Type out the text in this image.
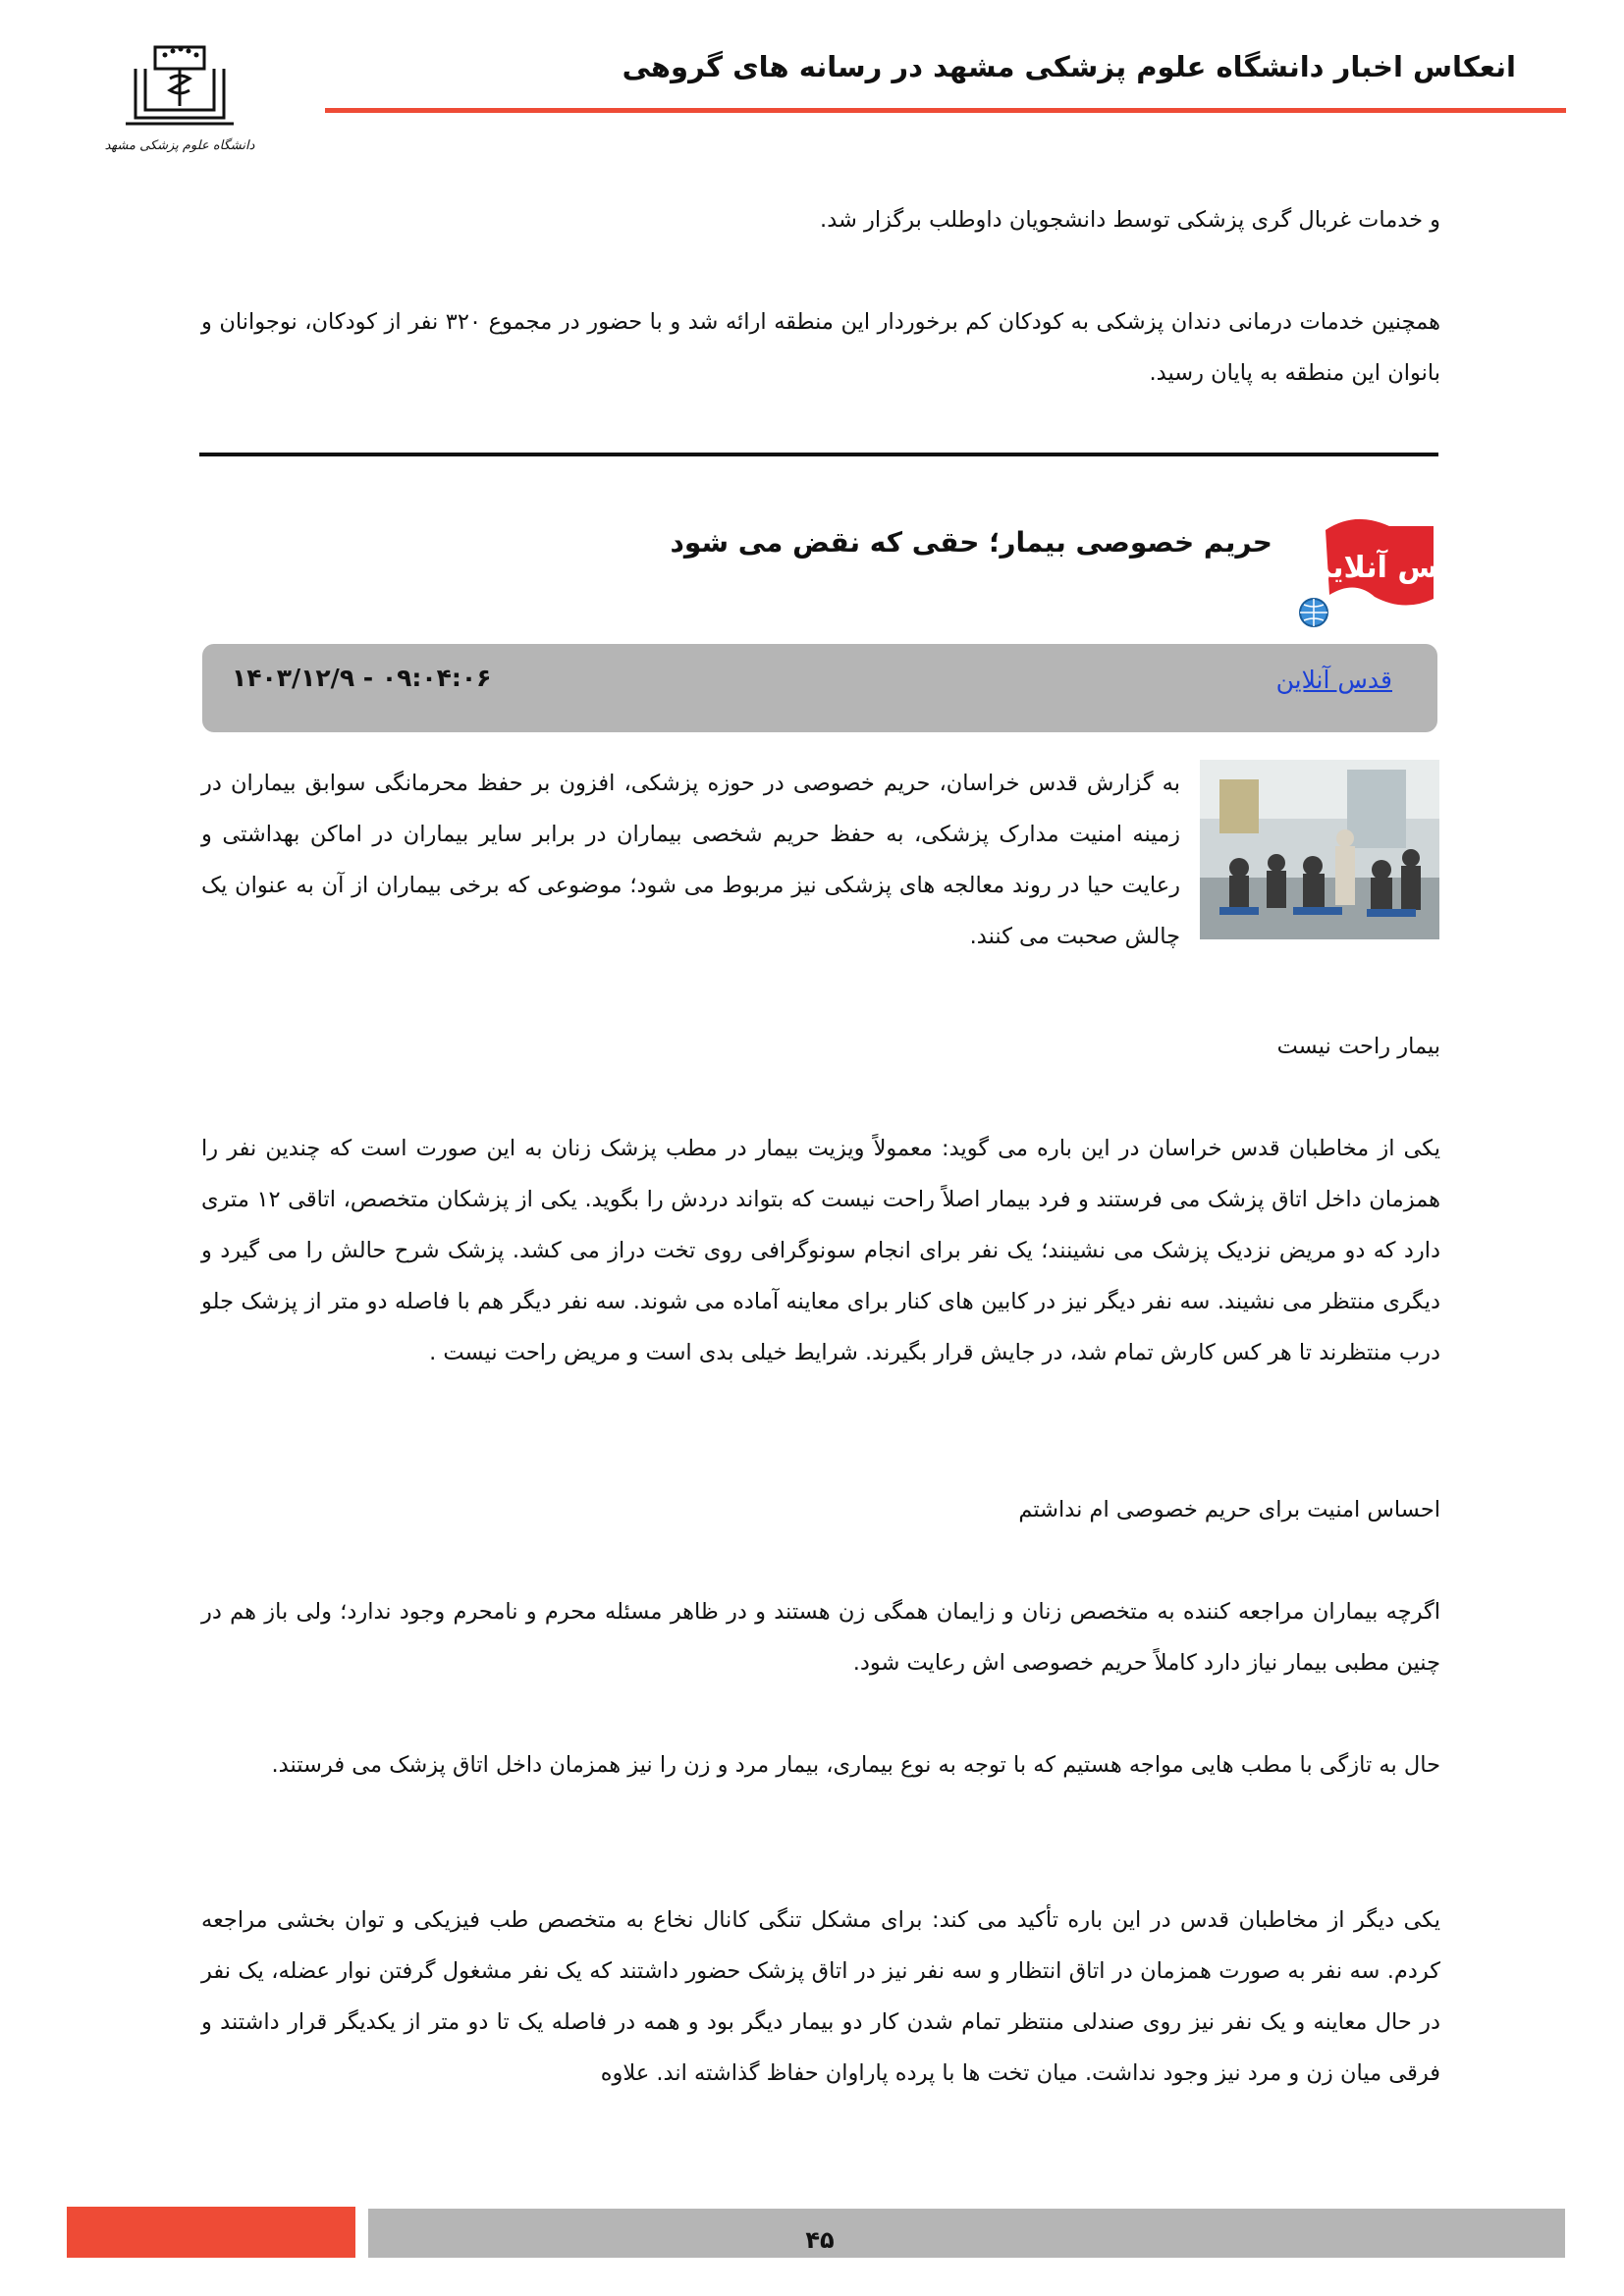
دانشگاه علوم پزشکی مشهد
انعکاس اخبار دانشگاه علوم پزشکی مشهد در رسانه های گروهی
و خدمات غربال گری پزشکی توسط دانشجویان داوطلب برگزار شد.
همچنین خدمات درمانی دندان پزشکی به کودکان کم برخوردار این منطقه ارائه شد و با حضور در مجموع ۳۲۰ نفر از کودکان، نوجوانان و بانوان این منطقه به پایان رسید.
قدس آنلاین
حریم خصوصی بیمار؛ حقی که نقض می شود
قدس آنلاین
۱۴۰۳/۱۲/۹ - ۰۹:۰۴:۰۶
به گزارش قدس خراسان، حریم خصوصی در حوزه پزشکی، افزون بر حفظ محرمانگی سوابق بیماران در زمینه امنیت مدارک پزشکی، به حفظ حریم شخصی بیماران در برابر سایر بیماران در اماکن بهداشتی و رعایت حیا در روند معالجه های پزشکی نیز مربوط می شود؛ موضوعی که برخی بیماران از آن به عنوان یک چالش صحبت می کنند.
بیمار راحت نیست
یکی از مخاطبان قدس خراسان در این باره می گوید: معمولاً ویزیت بیمار در مطب پزشک زنان به این صورت است که چندین نفر را همزمان داخل اتاق پزشک می فرستند و فرد بیمار اصلاً راحت نیست که بتواند دردش را بگوید. یکی از پزشکان متخصص، اتاقی ۱۲ متری دارد که دو مریض نزدیک پزشک می نشینند؛ یک نفر برای انجام سونوگرافی روی تخت دراز می کشد. پزشک شرح حالش را می گیرد و دیگری منتظر می نشیند. سه نفر دیگر نیز در کابین های کنار برای معاینه آماده می شوند. سه نفر دیگر هم با فاصله دو متر از پزشک جلو درب منتظرند تا هر کس کارش تمام شد، در جایش قرار بگیرند. شرایط خیلی بدی است و مریض راحت نیست .
احساس امنیت برای حریم خصوصی ام نداشتم
اگرچه بیماران مراجعه کننده به متخصص زنان و زایمان همگی زن هستند و در ظاهر مسئله محرم و نامحرم وجود ندارد؛ ولی باز هم در چنین مطبی بیمار نیاز دارد کاملاً حریم خصوصی اش رعایت شود.
حال به تازگی با مطب هایی مواجه هستیم که با توجه به نوع بیماری، بیمار مرد و زن را نیز همزمان داخل اتاق پزشک می فرستند.
یکی دیگر از مخاطبان قدس در این باره تأکید می کند: برای مشکل تنگی کانال نخاع به متخصص طب فیزیکی و توان بخشی مراجعه کردم. سه نفر به صورت همزمان در اتاق انتظار و سه نفر نیز در اتاق پزشک حضور داشتند که یک نفر مشغول گرفتن نوار عضله، یک نفر در حال معاینه و یک نفر نیز روی صندلی منتظر تمام شدن کار دو بیمار دیگر بود و همه در فاصله یک تا دو متر از یکدیگر قرار داشتند و فرقی میان زن و مرد نیز وجود نداشت. میان تخت ها با پرده پاراوان حفاظ گذاشته اند. علاوه
۴۵
